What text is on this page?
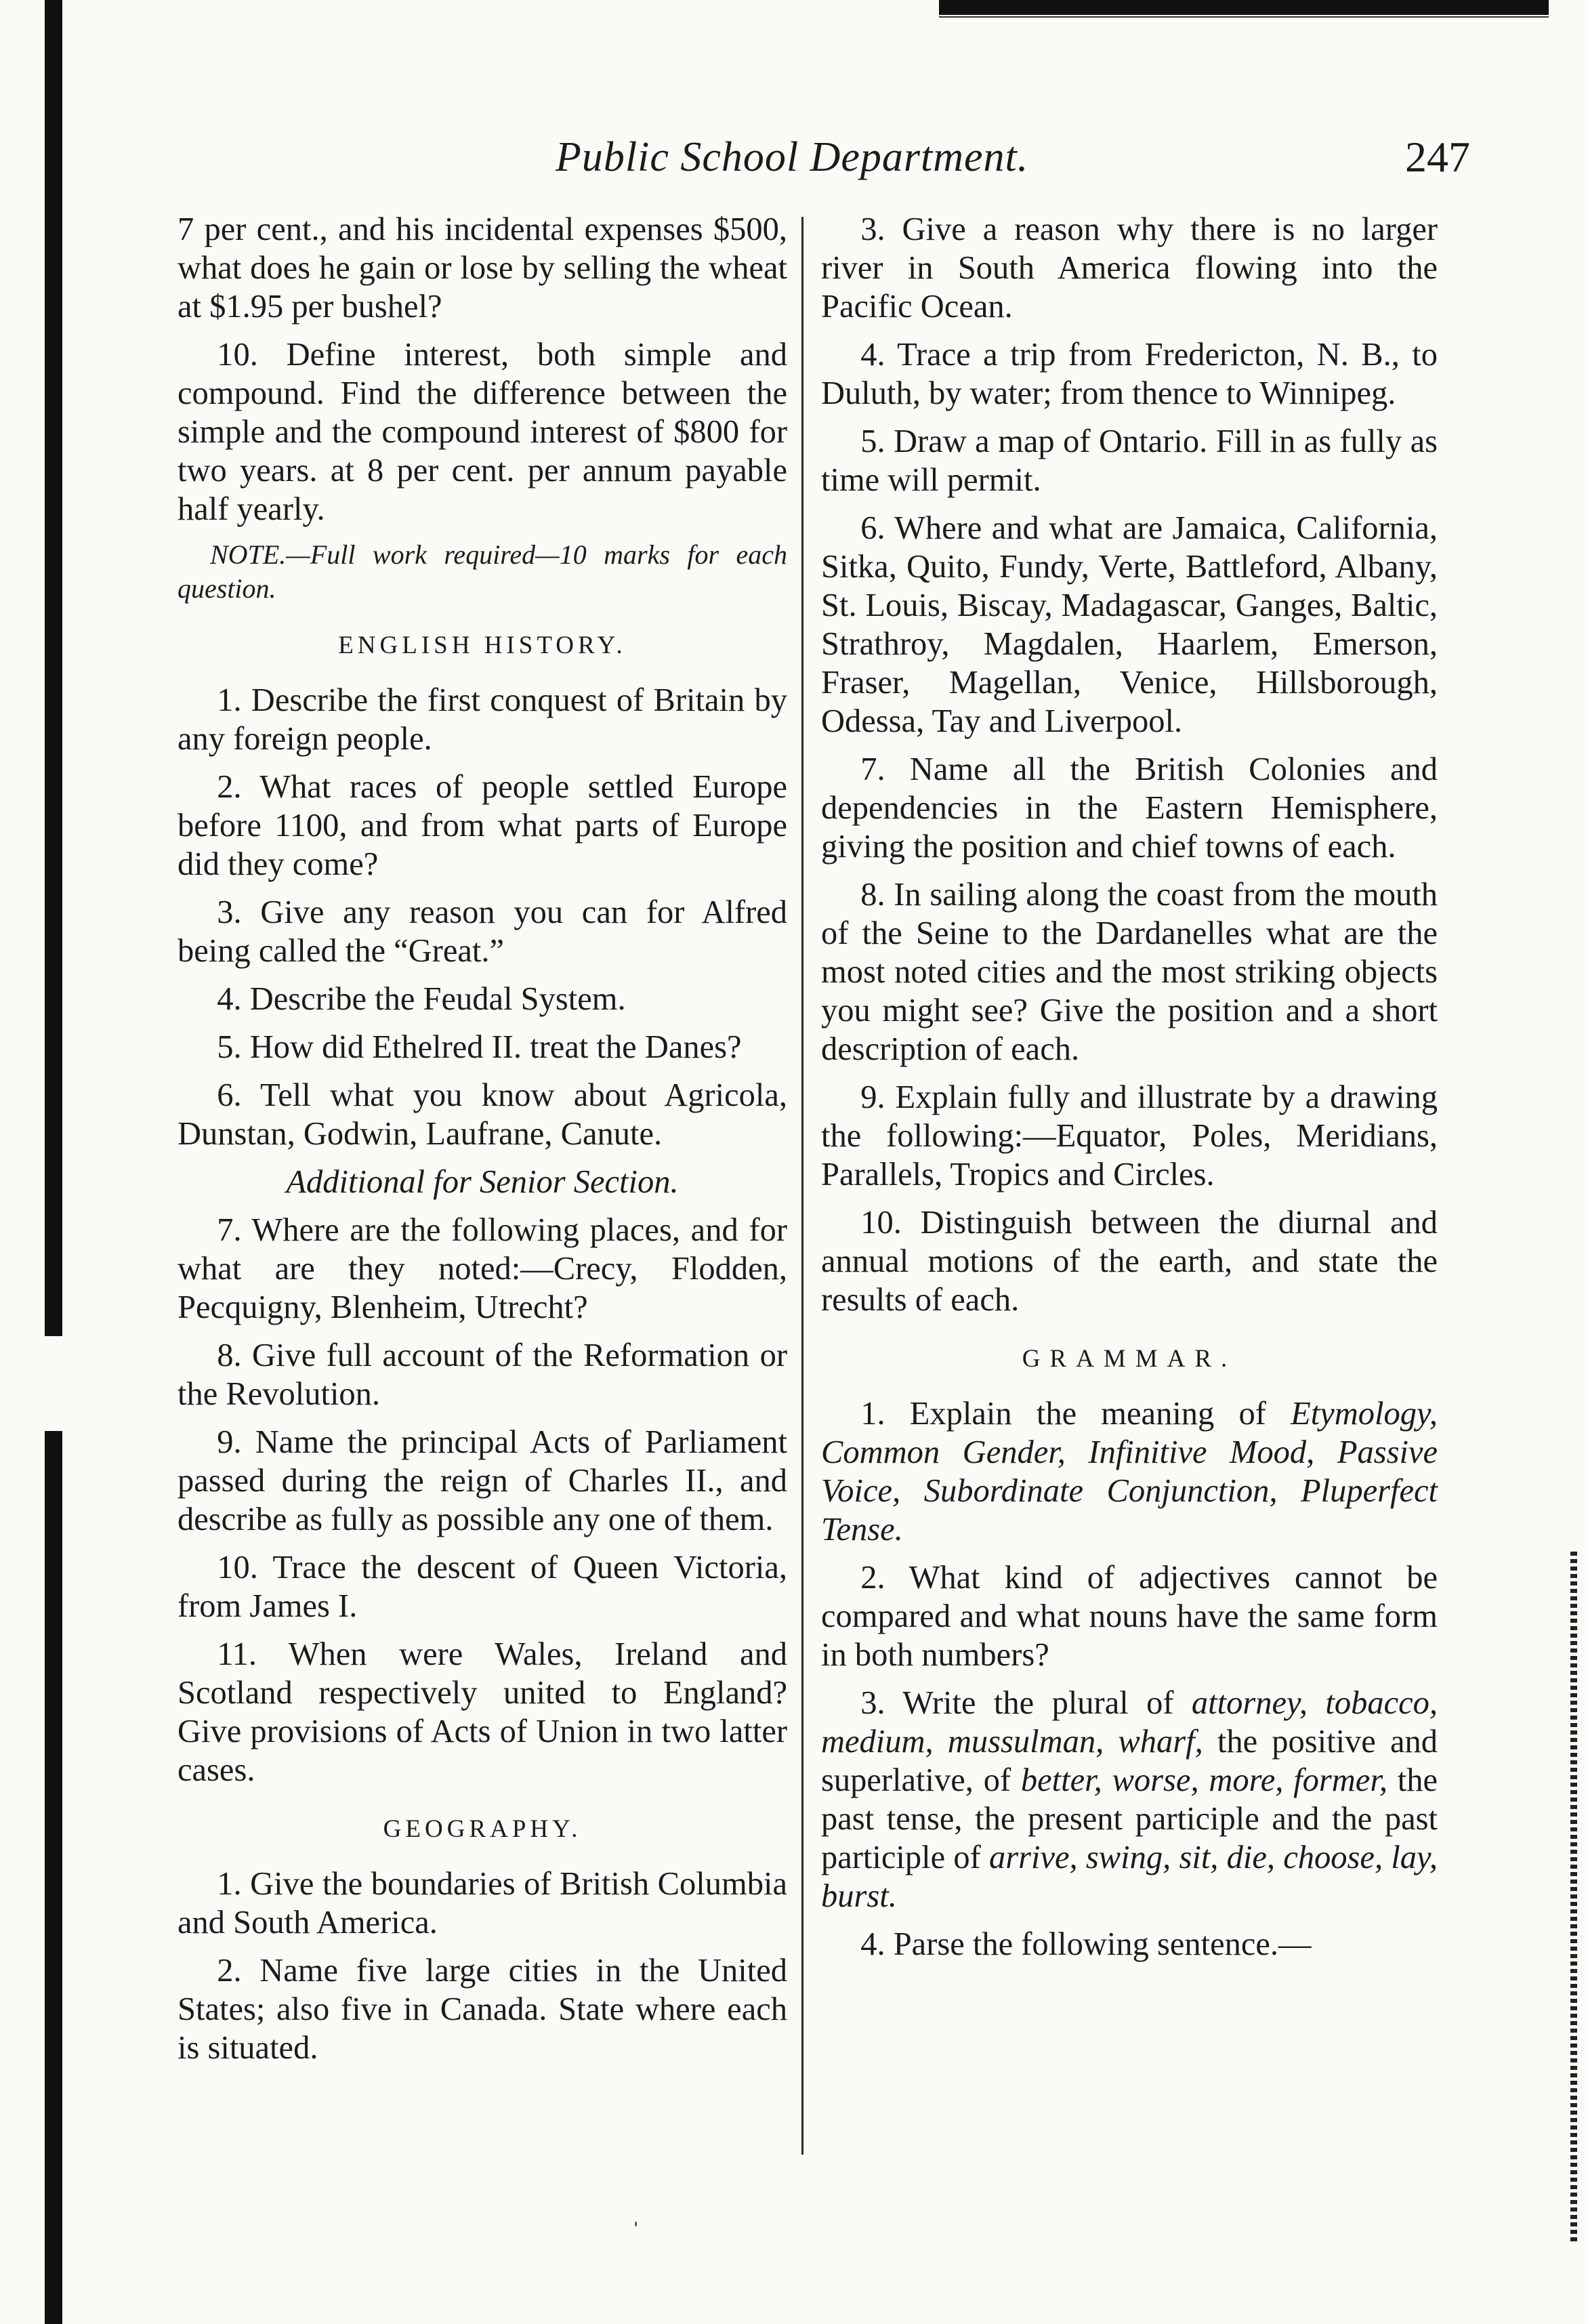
Public School Department.	247

7 per cent., and his incidental expenses $500, what does he gain or lose by selling the wheat at $1.95 per bushel?

10. Define interest, both simple and compound. Find the difference between the simple and the compound interest of $800 for two years. at 8 per cent. per annum payable half yearly.

NOTE.—Full work required—10 marks for each question.

ENGLISH HISTORY.

1. Describe the first conquest of Britain by any foreign people.

2. What races of people settled Europe before 1100, and from what parts of Europe did they come?

3. Give any reason you can for Alfred being called the “Great.”

4. Describe the Feudal System.

5. How did Ethelred II. treat the Danes?

6. Tell what you know about Agricola, Dunstan, Godwin, Laufrane, Canute.

Additional for Senior Section.

7. Where are the following places, and for what are they noted:—Crecy, Flodden, Pecquigny, Blenheim, Utrecht?

8. Give full account of the Reformation or the Revolution.

9. Name the principal Acts of Parliament passed during the reign of Charles II., and describe as fully as possible any one of them.

10. Trace the descent of Queen Victoria, from James I.

11. When were Wales, Ireland and Scotland respectively united to England? Give provisions of Acts of Union in two latter cases.

GEOGRAPHY.

1. Give the boundaries of British Columbia and South America.

2. Name five large cities in the United States; also five in Canada. State where each is situated.

3. Give a reason why there is no larger river in South America flowing into the Pacific Ocean.

4. Trace a trip from Fredericton, N. B., to Duluth, by water; from thence to Winnipeg.

5. Draw a map of Ontario. Fill in as fully as time will permit.

6. Where and what are Jamaica, California, Sitka, Quito, Fundy, Verte, Battleford, Albany, St. Louis, Biscay, Madagascar, Ganges, Baltic, Strathroy, Magdalen, Haarlem, Emerson, Fraser, Magellan, Venice, Hillsborough, Odessa, Tay and Liverpool.

7. Name all the British Colonies and dependencies in the Eastern Hemisphere, giving the position and chief towns of each.

8. In sailing along the coast from the mouth of the Seine to the Dardanelles what are the most noted cities and the most striking objects you might see? Give the position and a short description of each.

9. Explain fully and illustrate by a drawing the following:—Equator, Poles, Meridians, Parallels, Tropics and Circles.

10. Distinguish between the diurnal and annual motions of the earth, and state the results of each.

GRAMMAR.

1. Explain the meaning of Etymology, Common Gender, Infinitive Mood, Passive Voice, Subordinate Conjunction, Pluperfect Tense.

2. What kind of adjectives cannot be compared and what nouns have the same form in both numbers?

3. Write the plural of attorney, tobacco, medium, mussulman, wharf, the positive and superlative, of better, worse, more, former, the past tense, the present participle and the past participle of arrive, swing, sit, die, choose, lay, burst.

4. Parse the following sentence.—

ˌ
